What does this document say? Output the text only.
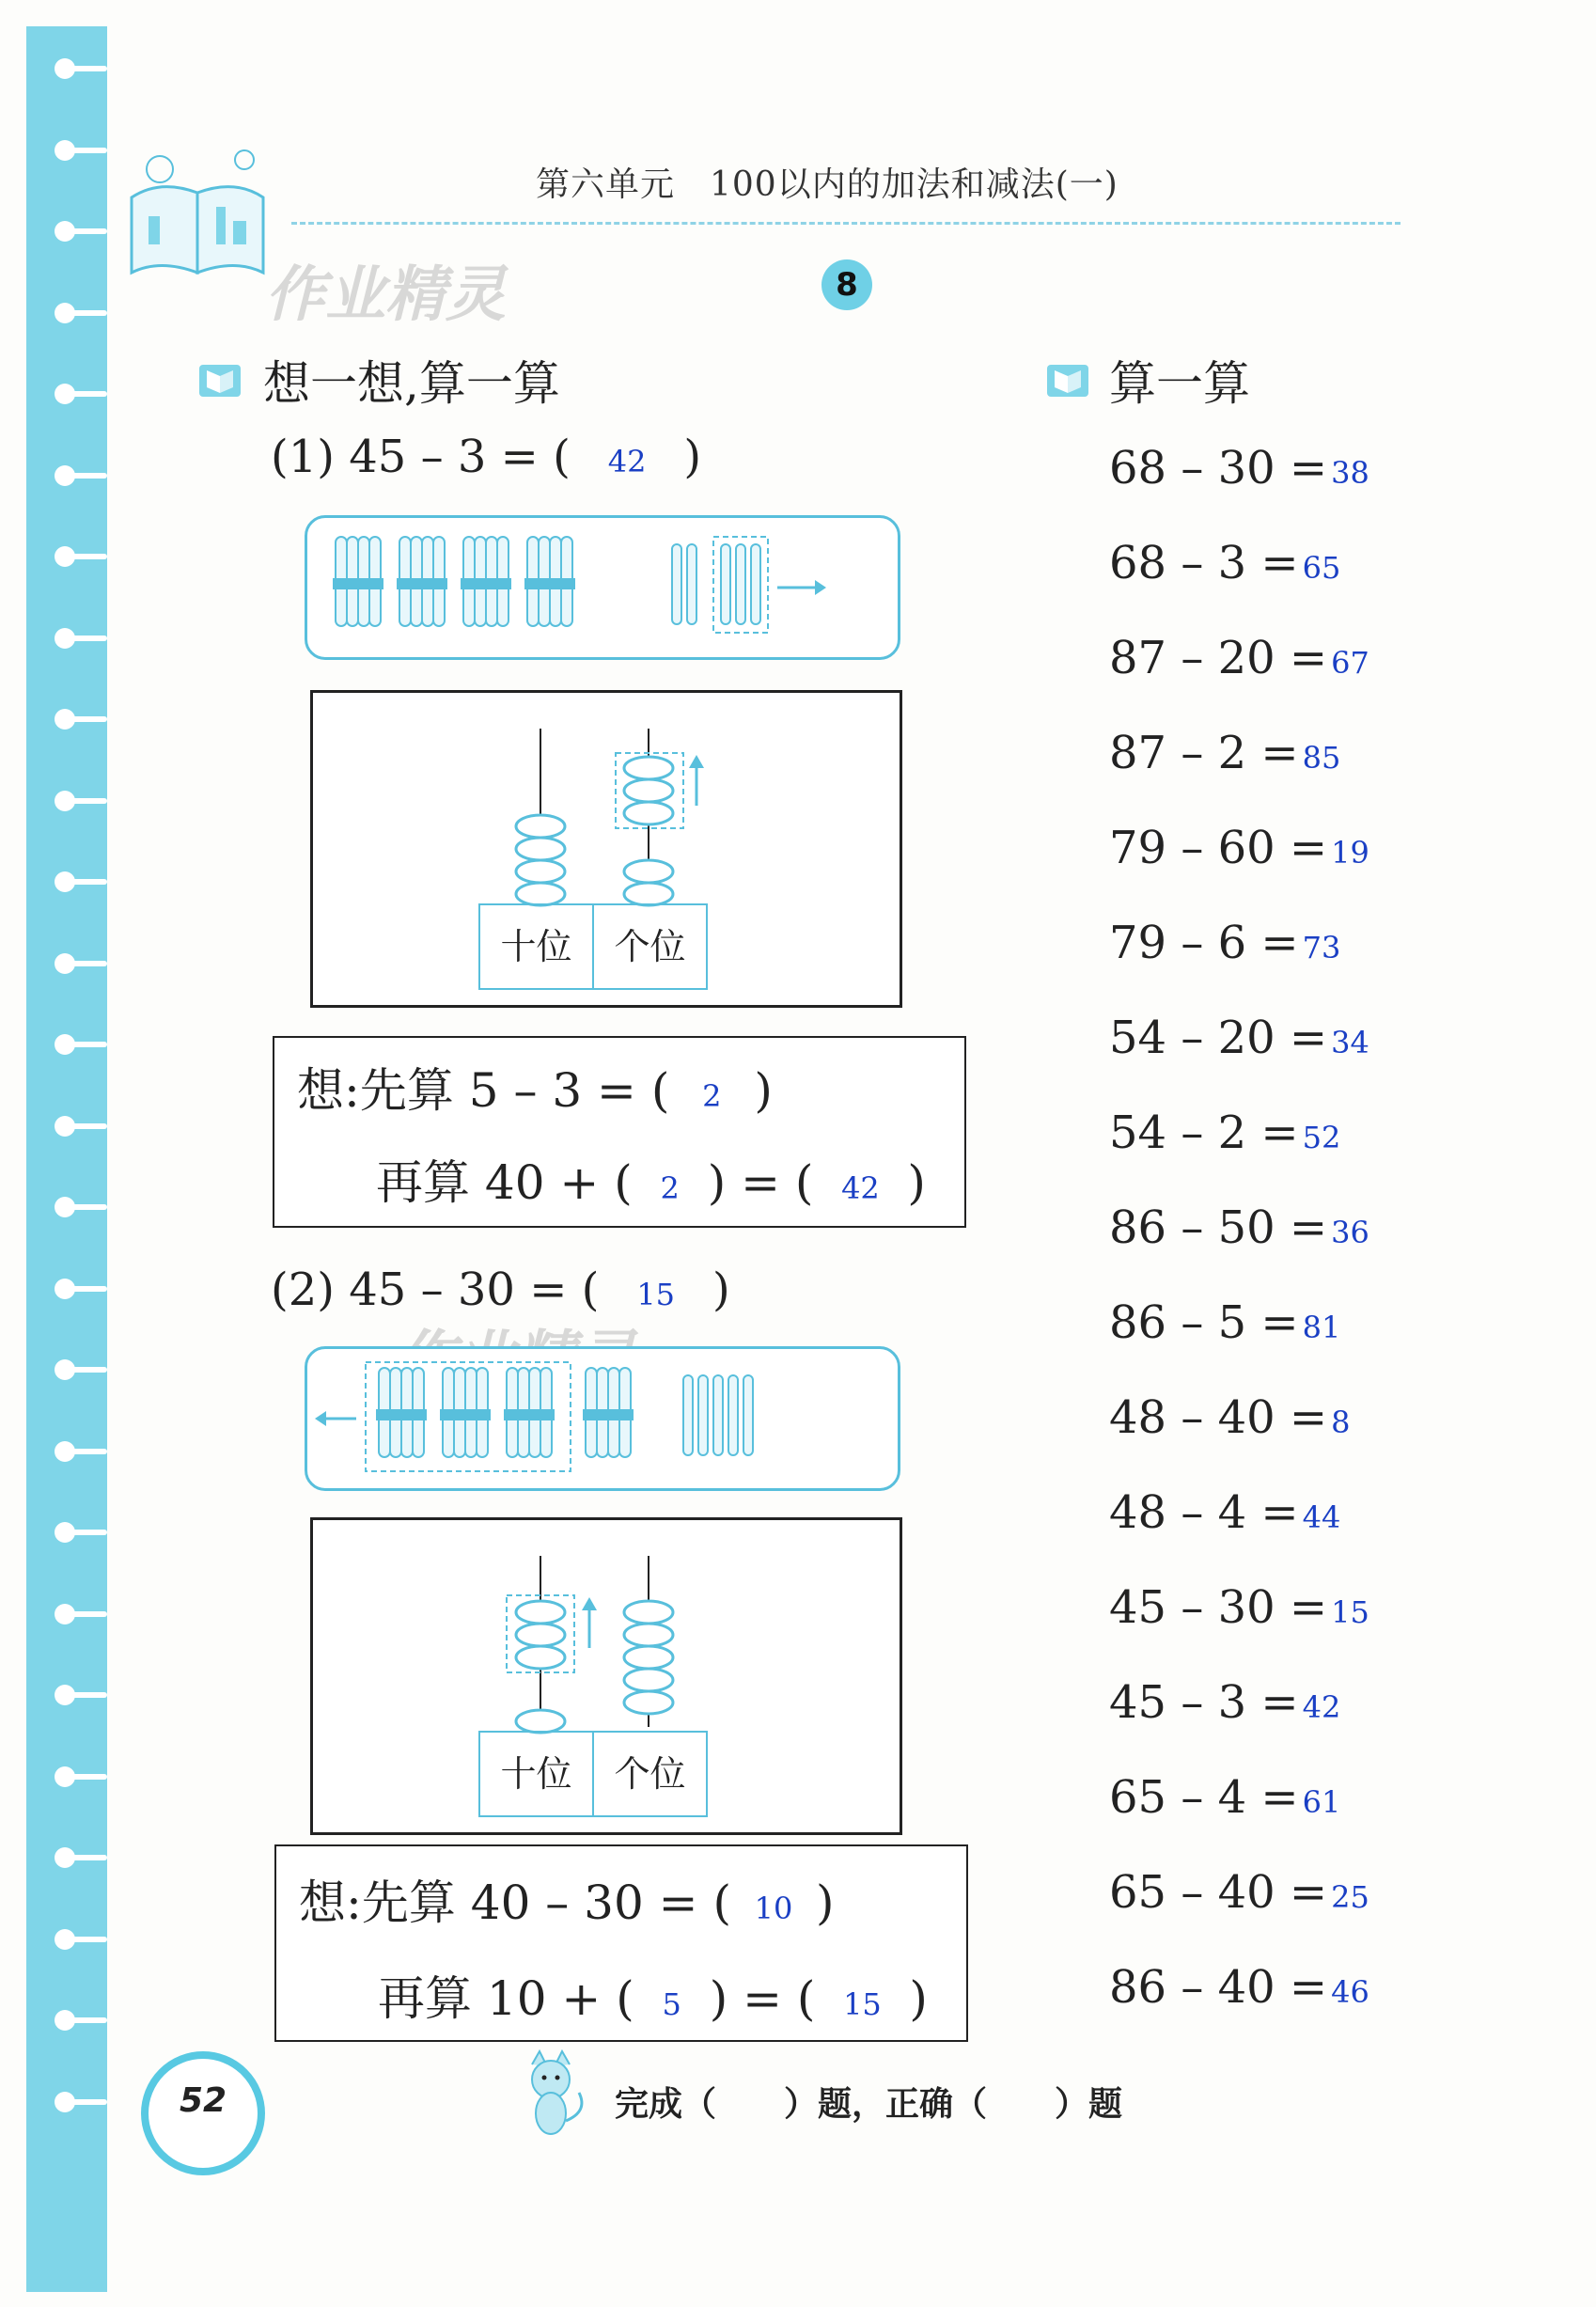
第六单元　100以内的加法和减法(一)
作业精灵	8
想一想,算一算
(1) 45 – 3 = ( 42 )
十位	个位
想:先算 5 – 3 = ( 2 )
再算 40 + ( 2 ) = ( 42 )
(2) 45 – 30 = ( 15 )
十位	个位
想:先算 40 – 30 = ( 10 )
再算 10 + ( 5 ) = ( 15 )
算一算
68 – 30 = 38
68 – 3 = 65
87 – 20 = 67
87 – 2 = 85
79 – 60 = 19
79 – 6 = 73
54 – 20 = 34
54 – 2 = 52
86 – 50 = 36
86 – 5 = 81
48 – 40 = 8
48 – 4 = 44
45 – 30 = 15
45 – 3 = 42
65 – 4 = 61
65 – 40 = 25
86 – 40 = 46
52	完成（　　）题，正确（　　）题
